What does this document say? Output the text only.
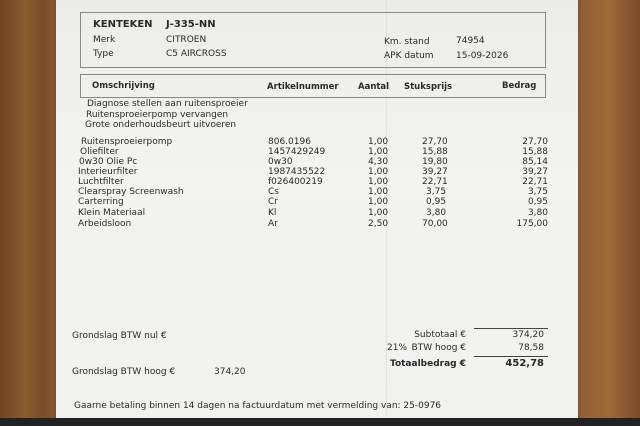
KENTEKEN J-335-NN
Merk	CITROEN
Type	C5 AIRCROSS
Km. stand	74954
APK datum 15-09-2026
Omschrijving	Artikelnummer Aantal Stuksprijs	Bedrag
Diagnose stellen aan ruitensproeier
Ruitensproeierpomp vervangen
Grote onderhoudsbeurt uitvoeren
Ruitensproeierpomp	806.0196	1,00	27,70	27,70
Oliefilter	1457429249	1,00	15,88	15,88
0w30 Olie Pc	0w30	4,30	19,80	85,14
Interieurfilter	1987435522	1,00	39,27	39,27
Luchtfilter	f026400219	1,00	22,71	22,71
Clearspray Screenwash	Cs	1,00	3,75	3,75
Carterring	Cr	1,00	0,95	0,95
Klein Materiaal	Kl	1,00	3,80	3,80
Arbeidsloon	Ar	2,50	70,00	175,00
Grondslag BTW nul €
Grondslag BTW hoog €	374,20
Subtotaal €	374,20
21% BTW hoog €	78,58
Totaalbedrag €	452,78
Gaarne betaling binnen 14 dagen na factuurdatum met vermelding van: 25-0976
